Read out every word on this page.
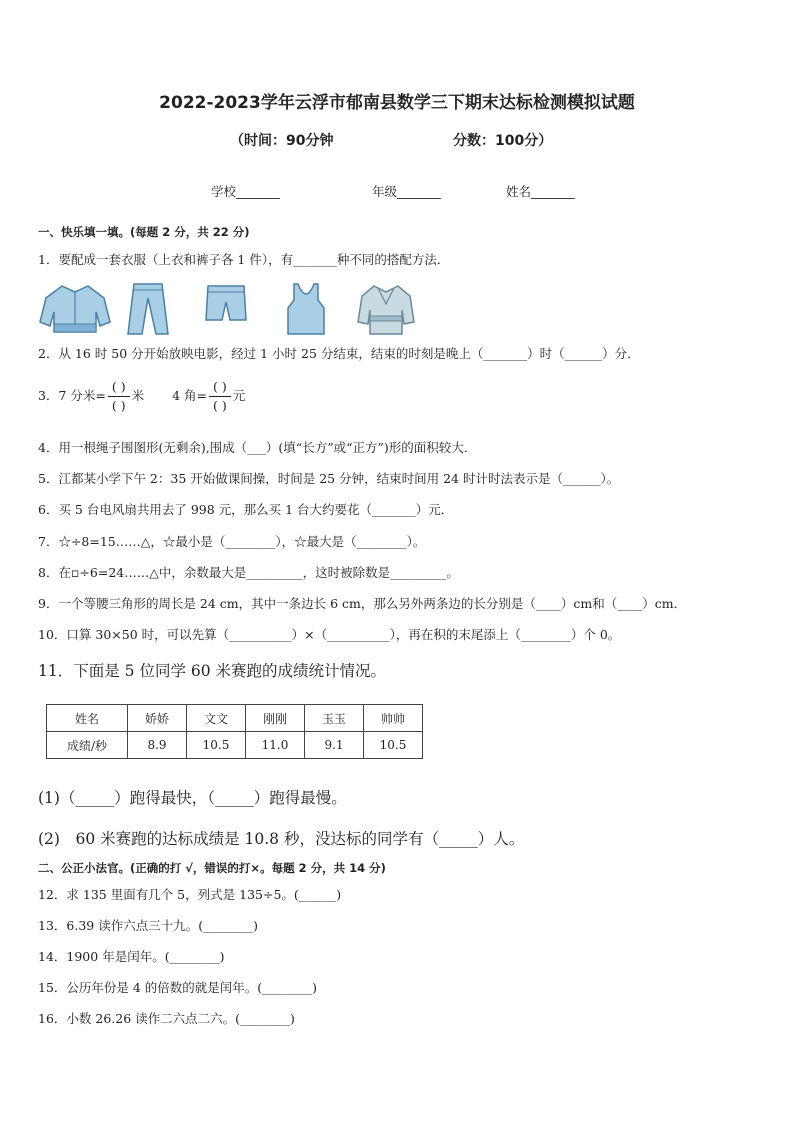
2022-2023学年云浮市郁南县数学三下期末达标检测模拟试题
（时间：90分钟	分数：100分）
学校_______	年级_______	姓名_______
一、快乐填一填。(每题 2 分，共 22 分)
1．要配成一套衣服（上衣和裤子各 1 件），有_______种不同的搭配方法．
2．从 16 时 50 分开始放映电影，经过 1 小时 25 分结束，结束的时刻是晚上（_______）时（______）分．
3．7 分米= $\frac{( )}{( )}$ 米 4 角= $\frac{( )}{( )}$ 元
4．用一根绳子围图形(无剩余),围成（___）(填“长方”或“正方”)形的面积较大．
5．江都某小学下午 2：35 开始做课间操，时间是 25 分钟，结束时间用 24 时计时法表示是（______）。
6．买 5 台电风扇共用去了 998 元，那么买 1 台大约要花（_______）元．
7．☆÷8=15……△，☆最小是（________），☆最大是（________）。
8．在▫÷6=24……△中，余数最大是_________，这时被除数是_________。
9．一个等腰三角形的周长是 24 cm，其中一条边长 6 cm，那么另外两条边的长分别是（____）cm和（____）cm．
10．口算 30×50 时，可以先算（__________）×（__________），再在积的末尾添上（________）个 0。
11．下面是 5 位同学 60 米赛跑的成绩统计情况。
姓名	娇娇	文文	刚刚	玉玉	帅帅
成绩/秒	8.9	10.5	11.0	9.1	10.5
(1)（_____）跑得最快，（_____）跑得最慢。
(2)　60 米赛跑的达标成绩是 10.8 秒，没达标的同学有（_____）人。
二、公正小法官。(正确的打 √，错误的打×。每题 2 分，共 14 分)
12．求 135 里面有几个 5，列式是 135÷5。(______)
13．6.39 读作六点三十九。(________)
14．1900 年是闰年。(________)
15．公历年份是 4 的倍数的就是闰年。(________)
16．小数 26.26 读作二六点二六。(________)
